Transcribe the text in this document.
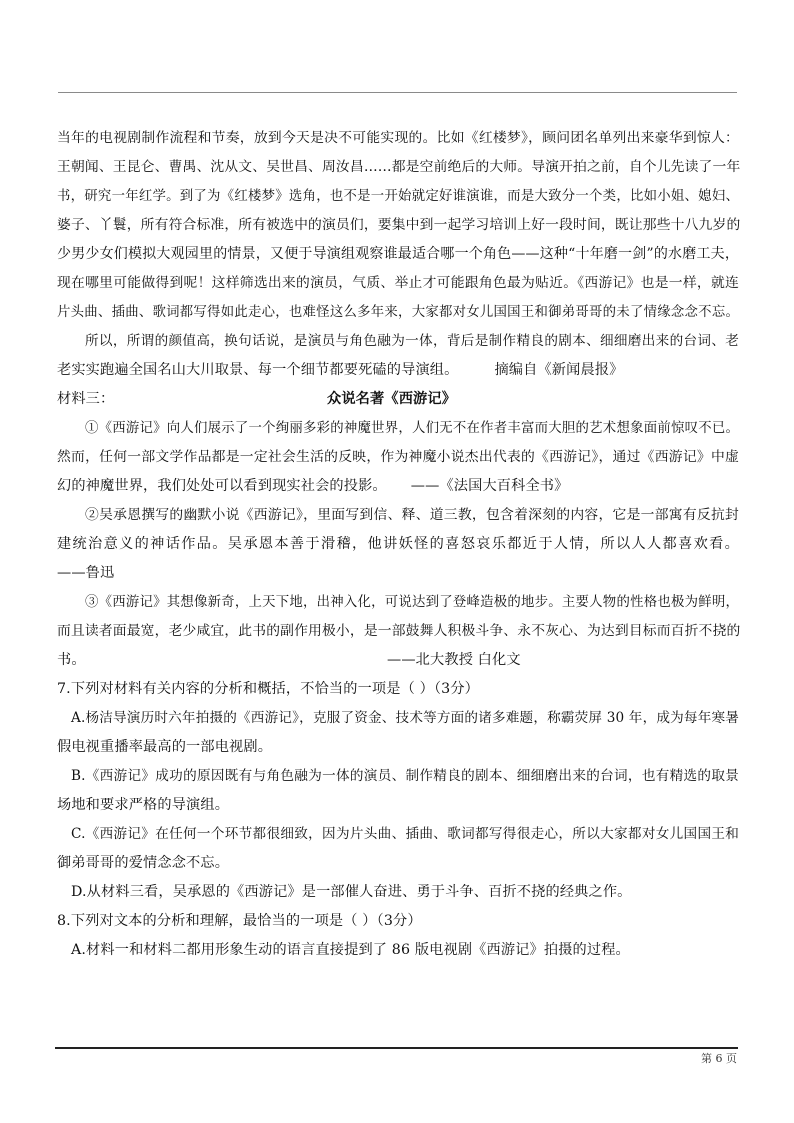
当年的电视剧制作流程和节奏，放到今天是决不可能实现的。比如《红楼梦》，顾问团名单列出来豪华到惊人：
王朝闻、王昆仑、曹禺、沈从文、吴世昌、周汝昌……都是空前绝后的大师。导演开拍之前，自个儿先读了一年
书，研究一年红学。到了为《红楼梦》选角，也不是一开始就定好谁演谁，而是大致分一个类，比如小姐、媳妇、
婆子、丫鬟，所有符合标准，所有被选中的演员们，要集中到一起学习培训上好一段时间，既让那些十八九岁的
少男少女们模拟大观园里的情景，又便于导演组观察谁最适合哪一个角色——这种“十年磨一剑”的水磨工夫，
现在哪里可能做得到呢！这样筛选出来的演员，气质、举止才可能跟角色最为贴近。《西游记》也是一样，就连
片头曲、插曲、歌词都写得如此走心，也难怪这么多年来，大家都对女儿国国王和御弟哥哥的未了情缘念念不忘。
所以，所谓的颜值高，换句话说，是演员与角色融为一体，背后是制作精良的剧本、细细磨出来的台词、老
老实实跑遍全国名山大川取景、每一个细节都要死磕的导演组。	摘编自《新闻晨报》
材料三：	众说名著《西游记》
①《西游记》向人们展示了一个绚丽多彩的神魔世界，人们无不在作者丰富而大胆的艺术想象面前惊叹不已。
然而，任何一部文学作品都是一定社会生活的反映，作为神魔小说杰出代表的《西游记》，通过《西游记》中虚
幻的神魔世界，我们处处可以看到现实社会的投影。 ——《法国大百科全书》
②吴承恩撰写的幽默小说《西游记》，里面写到信、释、道三教，包含着深刻的内容，它是一部寓有反抗封
建统治意义的神话作品。吴承恩本善于滑稽，他讲妖怪的喜怒哀乐都近于人情，所以人人都喜欢看。
——鲁迅
③《西游记》其想像新奇，上天下地，出神入化，可说达到了登峰造极的地步。主要人物的性格也极为鲜明，
而且读者面最宽，老少咸宜，此书的副作用极小，是一部鼓舞人积极斗争、永不灰心、为达到目标而百折不挠的
书。	——北大教授 白化文
7.下列对材料有关内容的分析和概括，不恰当的一项是（ ）（3分）
A.杨洁导演历时六年拍摄的《西游记》，克服了资金、技术等方面的诸多难题，称霸荧屏 30 年，成为每年寒暑
假电视重播率最高的一部电视剧。
B.《西游记》成功的原因既有与角色融为一体的演员、制作精良的剧本、细细磨出来的台词，也有精选的取景
场地和要求严格的导演组。
C.《西游记》在任何一个环节都很细致，因为片头曲、插曲、歌词都写得很走心，所以大家都对女儿国国王和
御弟哥哥的爱情念念不忘。
D.从材料三看，吴承恩的《西游记》是一部催人奋进、勇于斗争、百折不挠的经典之作。
8.下列对文本的分析和理解，最恰当的一项是（ ）（3分）
A.材料一和材料二都用形象生动的语言直接提到了 86 版电视剧《西游记》拍摄的过程。
第 6 页
